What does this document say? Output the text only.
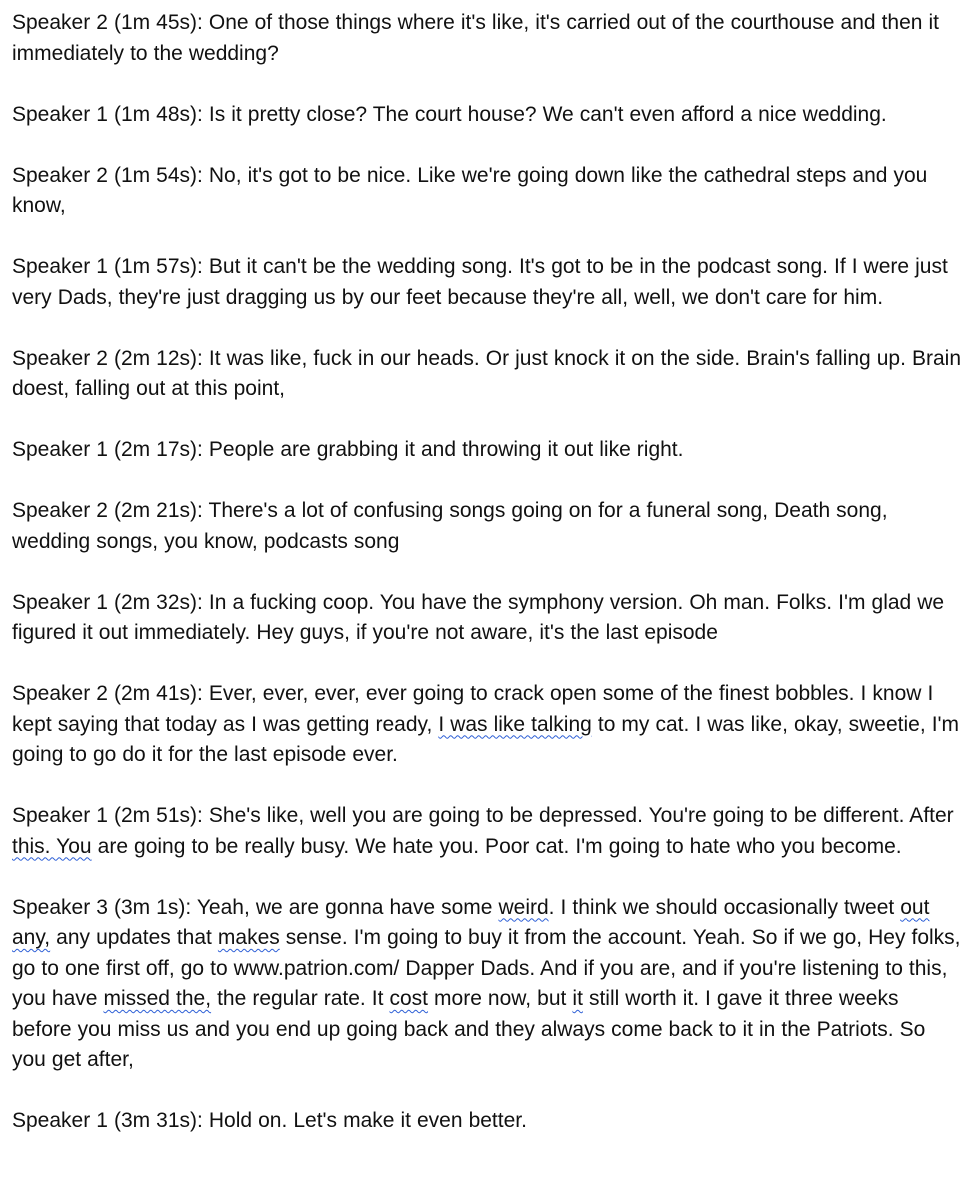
Speaker 2 (1m 45s): One of those things where it's like, it's carried out of the courthouse and then it immediately to the wedding?

Speaker 1 (1m 48s): Is it pretty close? The court house? We can't even afford a nice wedding.

Speaker 2 (1m 54s): No, it's got to be nice. Like we're going down like the cathedral steps and you know,

Speaker 1 (1m 57s): But it can't be the wedding song. It's got to be in the podcast song. If I were just very Dads, they're just dragging us by our feet because they're all, well, we don't care for him.

Speaker 2 (2m 12s): It was like, fuck in our heads. Or just knock it on the side. Brain's falling up. Brain doest, falling out at this point,

Speaker 1 (2m 17s): People are grabbing it and throwing it out like right.

Speaker 2 (2m 21s): There's a lot of confusing songs going on for a funeral song, Death song, wedding songs, you know, podcasts song

Speaker 1 (2m 32s): In a fucking coop. You have the symphony version. Oh man. Folks. I'm glad we figured it out immediately. Hey guys, if you're not aware, it's the last episode

Speaker 2 (2m 41s): Ever, ever, ever, ever going to crack open some of the finest bobbles. I know I kept saying that today as I was getting ready, I was like talking to my cat. I was like, okay, sweetie, I'm going to go do it for the last episode ever.

Speaker 1 (2m 51s): She's like, well you are going to be depressed. You're going to be different. After this. You are going to be really busy. We hate you. Poor cat. I'm going to hate who you become.

Speaker 3 (3m 1s): Yeah, we are gonna have some weird. I think we should occasionally tweet out any, any updates that makes sense. I'm going to buy it from the account. Yeah. So if we go, Hey folks, go to one first off, go to www.patrion.com/ Dapper Dads. And if you are, and if you're listening to this, you have missed the, the regular rate. It cost more now, but it still worth it. I gave it three weeks before you miss us and you end up going back and they always come back to it in the Patriots. So you get after,

Speaker 1 (3m 31s): Hold on. Let's make it even better.
